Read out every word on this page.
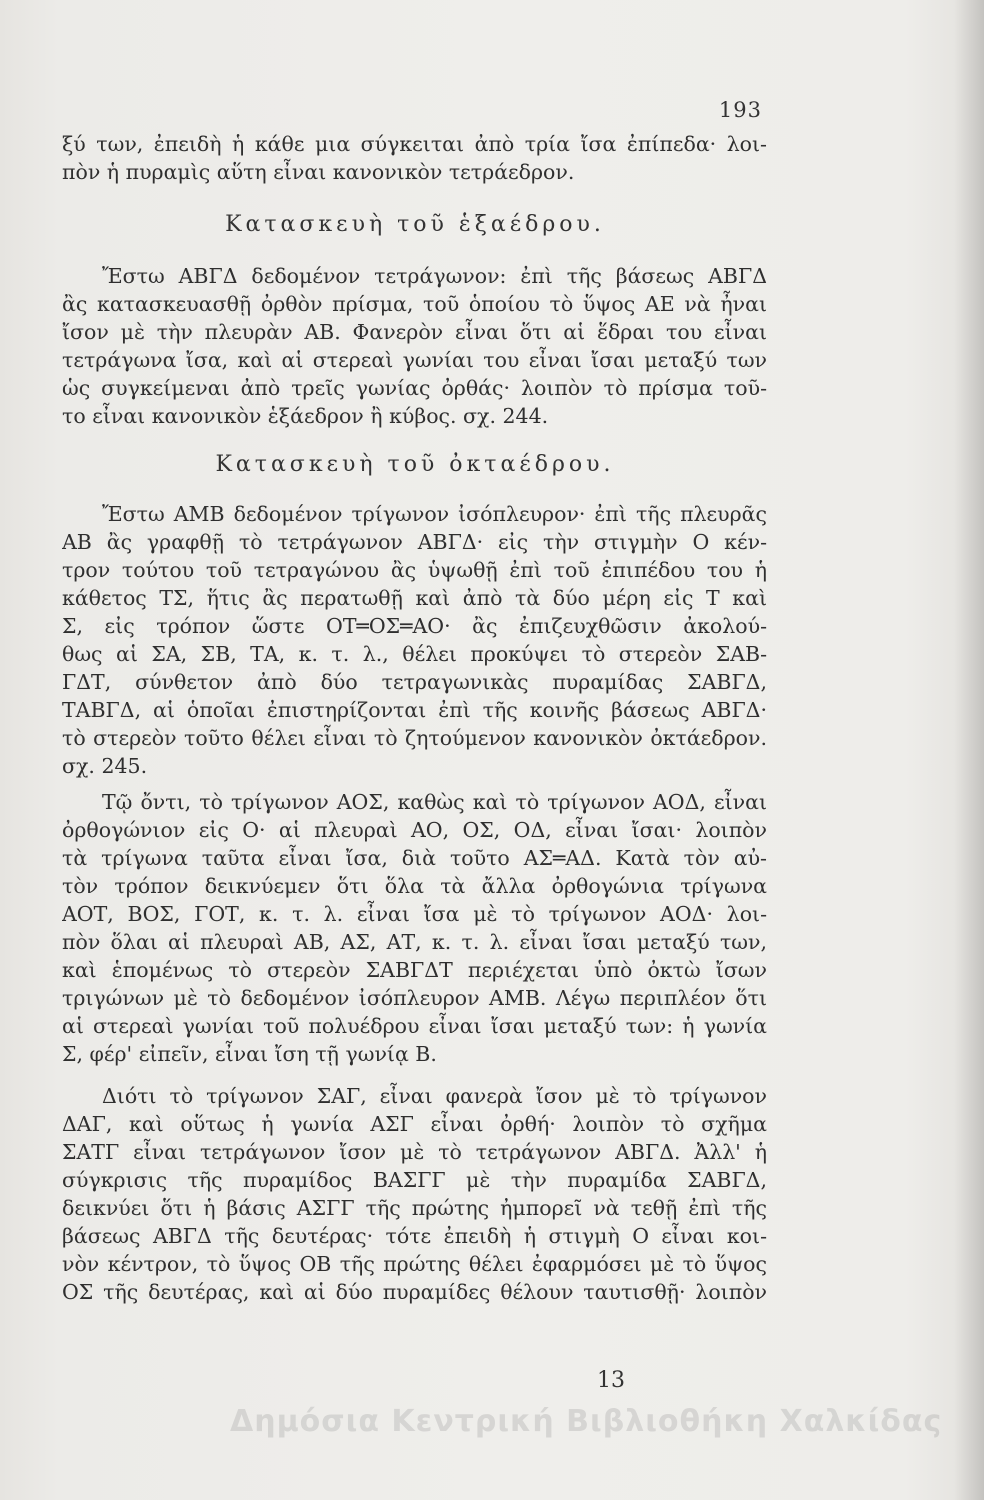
193
ξύ των, ἐπειδὴ ἡ κάθε μια σύγκειται ἀπὸ τρία ἴσα ἐπίπεδα· λοι-
πὸν ἡ πυραμὶς αὕτη εἶναι κανονικὸν τετράεδρον.
Κατασκευὴ τοῦ ἑξαέδρου.
Ἔστω ΑΒΓΔ δεδομένον τετράγωνον: ἐπὶ τῆς βάσεως ΑΒΓΔ
ἂς κατασκευασθῇ ὀρθὸν πρίσμα, τοῦ ὁποίου τὸ ὕψος ΑΕ νὰ ἦναι
ἴσον μὲ τὴν πλευρὰν ΑΒ. Φανερὸν εἶναι ὅτι αἱ ἕδραι του εἶναι
τετράγωνα ἴσα, καὶ αἱ στερεαὶ γωνίαι του εἶναι ἴσαι μεταξύ των
ὡς συγκείμεναι ἀπὸ τρεῖς γωνίας ὀρθάς· λοιπὸν τὸ πρίσμα τοῦ-
το εἶναι κανονικὸν ἑξάεδρον ἢ κύβος. σχ. 244.
Κατασκευὴ τοῦ ὀκταέδρου.
Ἔστω ΑΜΒ δεδομένον τρίγωνον ἰσόπλευρον· ἐπὶ τῆς πλευρᾶς
ΑΒ ἂς γραφθῇ τὸ τετράγωνον ΑΒΓΔ· εἰς τὴν στιγμὴν Ο κέν-
τρον τούτου τοῦ τετραγώνου ἂς ὑψωθῇ ἐπὶ τοῦ ἐπιπέδου του ἡ
κάθετος ΤΣ, ἥτις ἂς περατωθῇ καὶ ἀπὸ τὰ δύο μέρη εἰς Τ καὶ
Σ, εἰς τρόπον ὥστε ΟΤ═ΟΣ═ΑΟ· ἂς ἐπιζευχθῶσιν ἀκολού-
θως αἱ ΣΑ, ΣΒ, ΤΑ, κ. τ. λ., θέλει προκύψει τὸ στερεὸν ΣΑΒ-
ΓΔΤ, σύνθετον ἀπὸ δύο τετραγωνικὰς πυραμίδας ΣΑΒΓΔ,
ΤΑΒΓΔ, αἱ ὁποῖαι ἐπιστηρίζονται ἐπὶ τῆς κοινῆς βάσεως ΑΒΓΔ·
τὸ στερεὸν τοῦτο θέλει εἶναι τὸ ζητούμενον κανονικὸν ὀκτάεδρον.
σχ. 245.
Τῷ ὄντι, τὸ τρίγωνον ΑΟΣ, καθὼς καὶ τὸ τρίγωνον ΑΟΔ, εἶναι
ὀρθογώνιον εἰς Ο· αἱ πλευραὶ ΑΟ, ΟΣ, ΟΔ, εἶναι ἴσαι· λοιπὸν
τὰ τρίγωνα ταῦτα εἶναι ἴσα, διὰ τοῦτο ΑΣ═ΑΔ. Κατὰ τὸν αὐ-
τὸν τρόπον δεικνύεμεν ὅτι ὅλα τὰ ἄλλα ὀρθογώνια τρίγωνα
ΑΟΤ, ΒΟΣ, ΓΟΤ, κ. τ. λ. εἶναι ἴσα μὲ τὸ τρίγωνον ΑΟΔ· λοι-
πὸν ὅλαι αἱ πλευραὶ ΑΒ, ΑΣ, ΑΤ, κ. τ. λ. εἶναι ἴσαι μεταξύ των,
καὶ ἑπομένως τὸ στερεὸν ΣΑΒΓΔΤ περιέχεται ὑπὸ ὀκτὼ ἴσων
τριγώνων μὲ τὸ δεδομένον ἰσόπλευρον ΑΜΒ. Λέγω περιπλέον ὅτι
αἱ στερεαὶ γωνίαι τοῦ πολυέδρου εἶναι ἴσαι μεταξύ των: ἡ γωνία
Σ, φέρ' εἰπεῖν, εἶναι ἴση τῇ γωνίᾳ Β.
Διότι τὸ τρίγωνον ΣΑΓ, εἶναι φανερὰ ἴσον μὲ τὸ τρίγωνον
ΔΑΓ, καὶ οὕτως ἡ γωνία ΑΣΓ εἶναι ὀρθή· λοιπὸν τὸ σχῆμα
ΣΑΤΓ εἶναι τετράγωνον ἴσον μὲ τὸ τετράγωνον ΑΒΓΔ. Ἀλλ' ἡ
σύγκρισις τῆς πυραμίδος ΒΑΣΓΓ μὲ τὴν πυραμίδα ΣΑΒΓΔ,
δεικνύει ὅτι ἡ βάσις ΑΣΓΓ τῆς πρώτης ἠμπορεῖ νὰ τεθῇ ἐπὶ τῆς
βάσεως ΑΒΓΔ τῆς δευτέρας· τότε ἐπειδὴ ἡ στιγμὴ Ο εἶναι κοι-
νὸν κέντρον, τὸ ὕψος ΟΒ τῆς πρώτης θέλει ἐφαρμόσει μὲ τὸ ὕψος
ΟΣ τῆς δευτέρας, καὶ αἱ δύο πυραμίδες θέλουν ταυτισθῇ· λοιπὸν
13
Δημόσια Κεντρική Βιβλιοθήκη Χαλκίδας
